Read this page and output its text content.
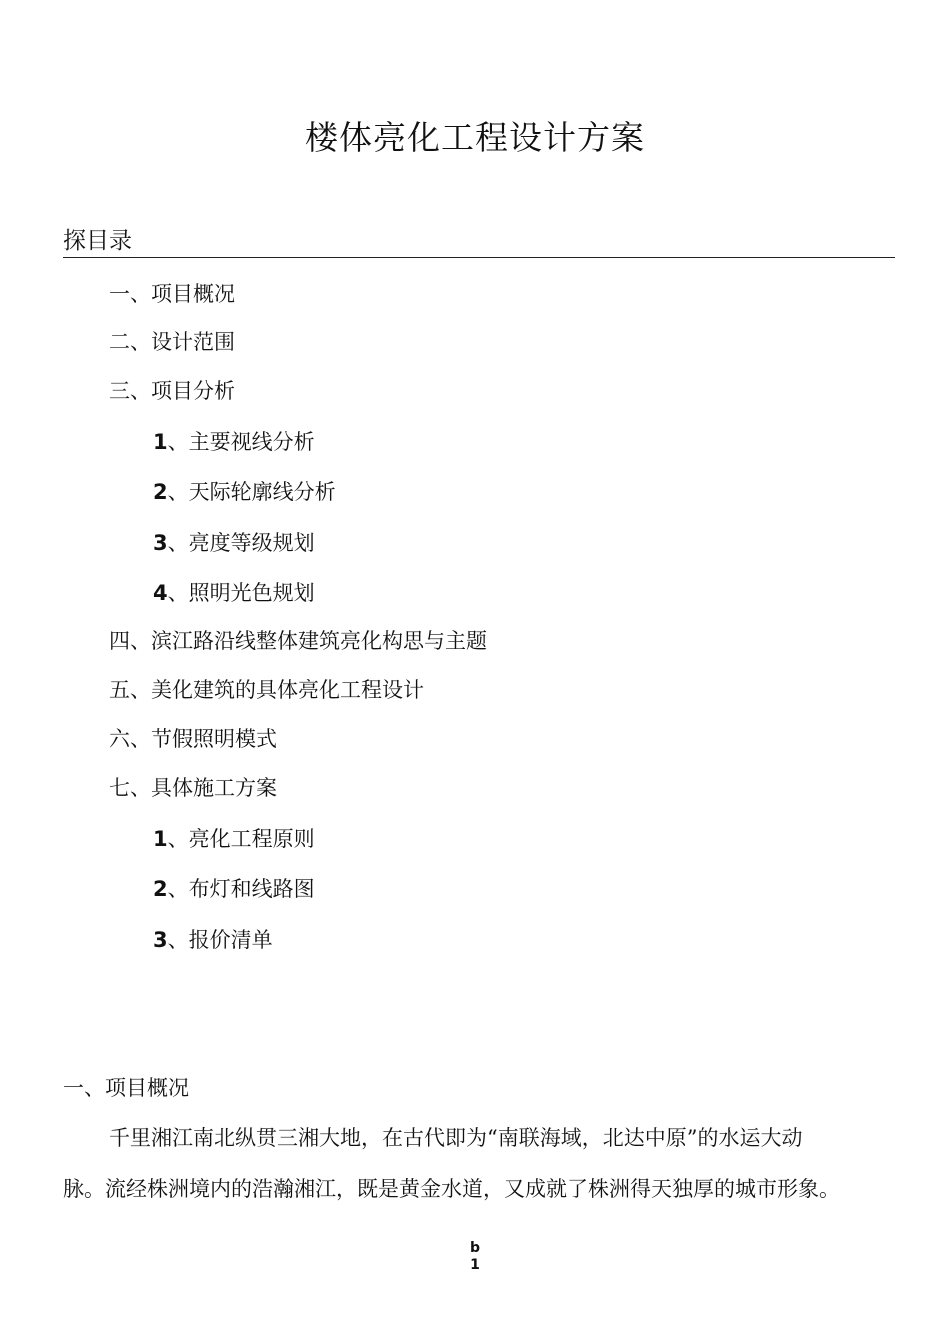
楼体亮化工程设计方案
探目录
一、项目概况
二、设计范围
三、项目分析
1、主要视线分析
2、天际轮廓线分析
3、亮度等级规划
4、照明光色规划
四、滨江路沿线整体建筑亮化构思与主题
五、美化建筑的具体亮化工程设计
六、节假照明模式
七、具体施工方案
1、亮化工程原则
2、布灯和线路图
3、报价清单
一、项目概况
千里湘江南北纵贯三湘大地，在古代即为“南联海域，北达中原”的水运大动
脉。流经株洲境内的浩瀚湘江，既是黄金水道，又成就了株洲得天独厚的城市形象。
b
1
